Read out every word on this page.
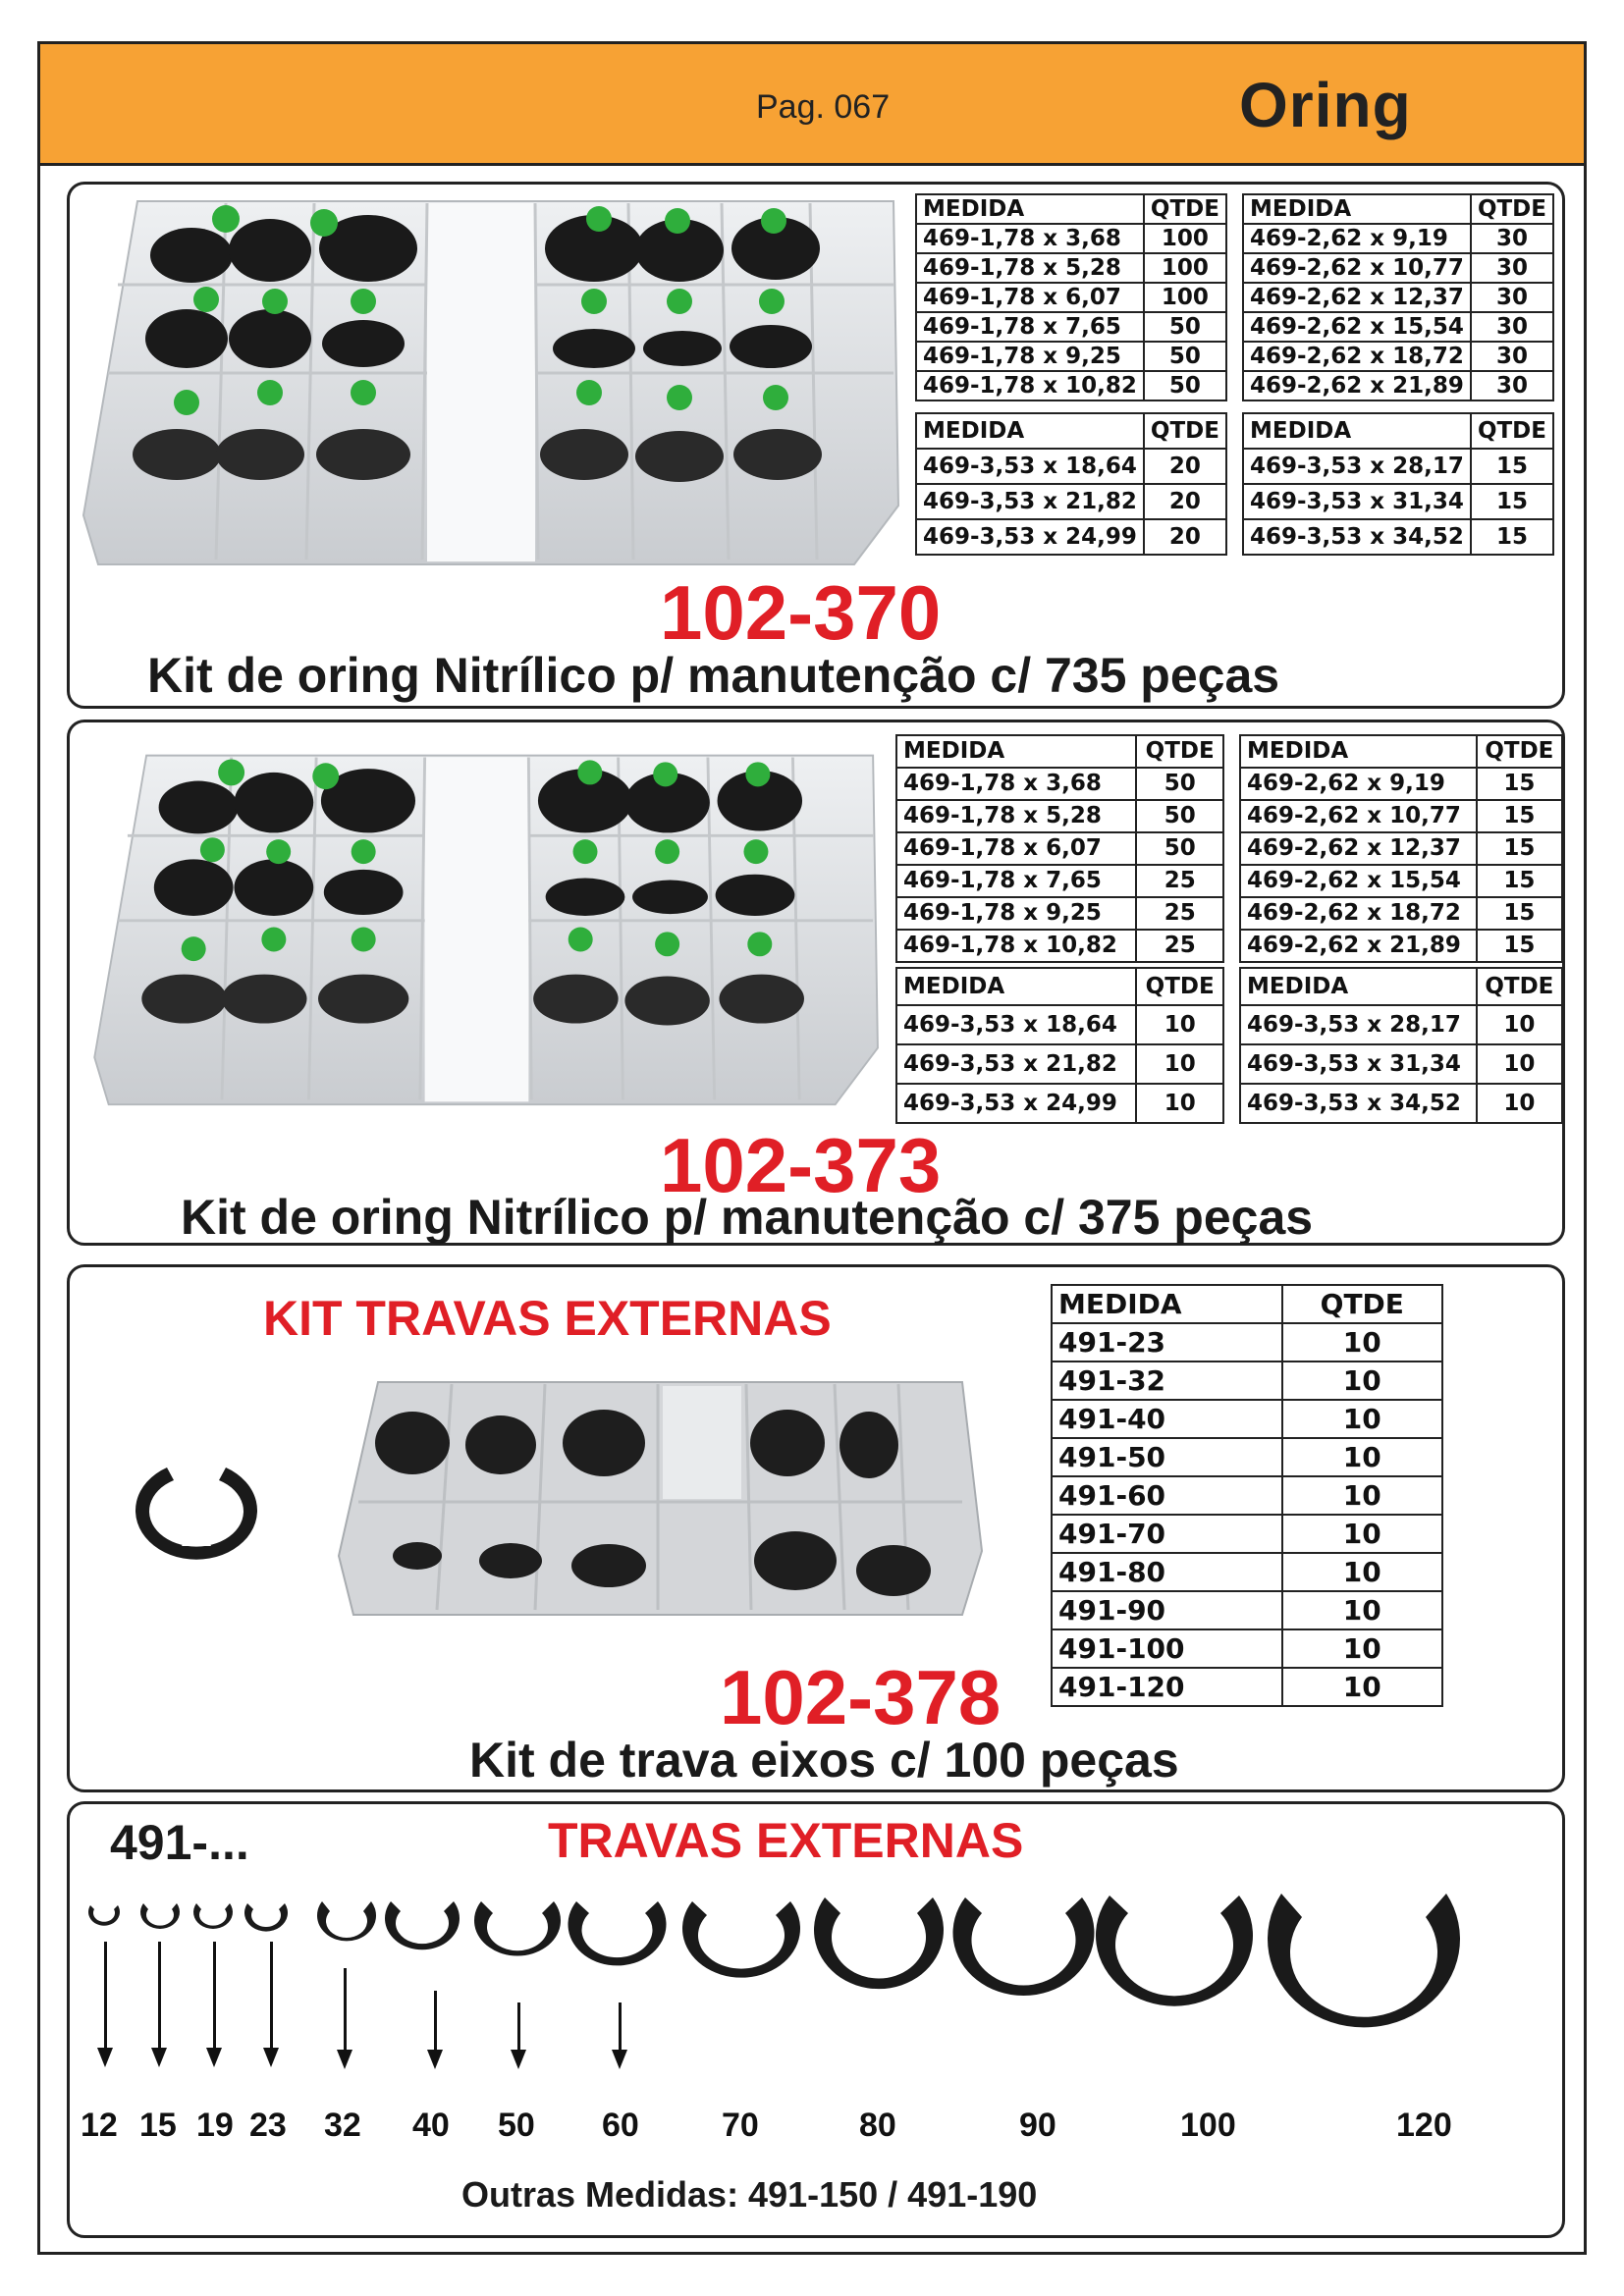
Pag. 067	Oring
MEDIDA	QTDE
469-1,78 x 3,68	100
469-1,78 x 5,28	100
469-1,78 x 6,07	100
469-1,78 x 7,65	50
469-1,78 x 9,25	50
469-1,78 x 10,82	50
MEDIDA	QTDE
469-2,62 x 9,19	30
469-2,62 x 10,77	30
469-2,62 x 12,37	30
469-2,62 x 15,54	30
469-2,62 x 18,72	30
469-2,62 x 21,89	30
MEDIDA	QTDE
469-3,53 x 18,64	20
469-3,53 x 21,82	20
469-3,53 x 24,99	20
MEDIDA	QTDE
469-3,53 x 28,17	15
469-3,53 x 31,34	15
469-3,53 x 34,52	15
102-370
Kit de oring Nitrílico p/ manutenção c/ 735 peças
MEDIDA	QTDE
469-1,78 x 3,68	50
469-1,78 x 5,28	50
469-1,78 x 6,07	50
469-1,78 x 7,65	25
469-1,78 x 9,25	25
469-1,78 x 10,82	25
MEDIDA	QTDE
469-2,62 x 9,19	15
469-2,62 x 10,77	15
469-2,62 x 12,37	15
469-2,62 x 15,54	15
469-2,62 x 18,72	15
469-2,62 x 21,89	15
MEDIDA	QTDE
469-3,53 x 18,64	10
469-3,53 x 21,82	10
469-3,53 x 24,99	10
MEDIDA	QTDE
469-3,53 x 28,17	10
469-3,53 x 31,34	10
469-3,53 x 34,52	10
102-373
Kit de oring Nitrílico p/ manutenção c/ 375 peças
KIT TRAVAS EXTERNAS	MEDIDA	QTDE
491-23	10
491-32	10
491-40	10
491-50	10
491-60	10
491-70	10
491-80	10
491-90	10
491-100	10
491-120	10
102-378
Kit de trava eixos c/ 100 peças
491-...	TRAVAS EXTERNAS
12 15 19 23 32 40 50 60 70	80	90	100	120
Outras Medidas: 491-150 / 491-190
